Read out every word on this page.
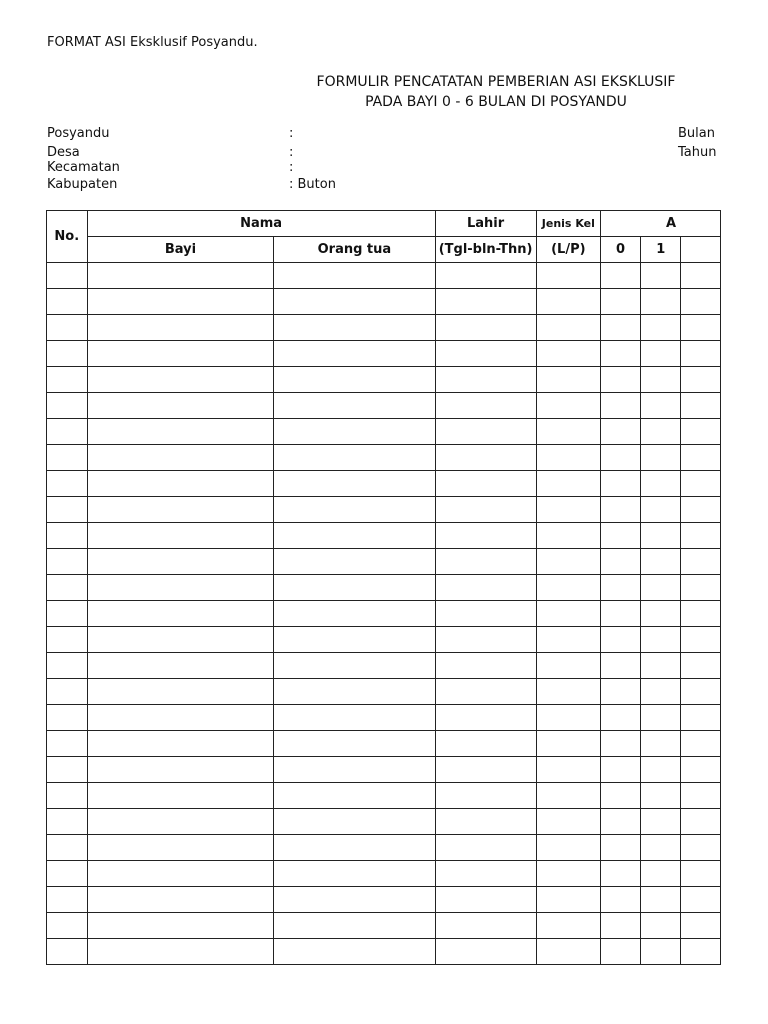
FORMAT ASI Eksklusif Posyandu.
FORMULIR PENCATATAN PEMBERIAN ASI EKSKLUSIF
PADA BAYI 0 - 6 BULAN DI POSYANDU
Posyandu	:
Desa	:
Kecamatan	:
Kabupaten	: Buton
Bulan
Tahun
No.	Nama		Lahir	Jenis Kel	A		
	Bayi	Orang tua	(Tgl-bln-Thn)	(L/P)	0	1	
